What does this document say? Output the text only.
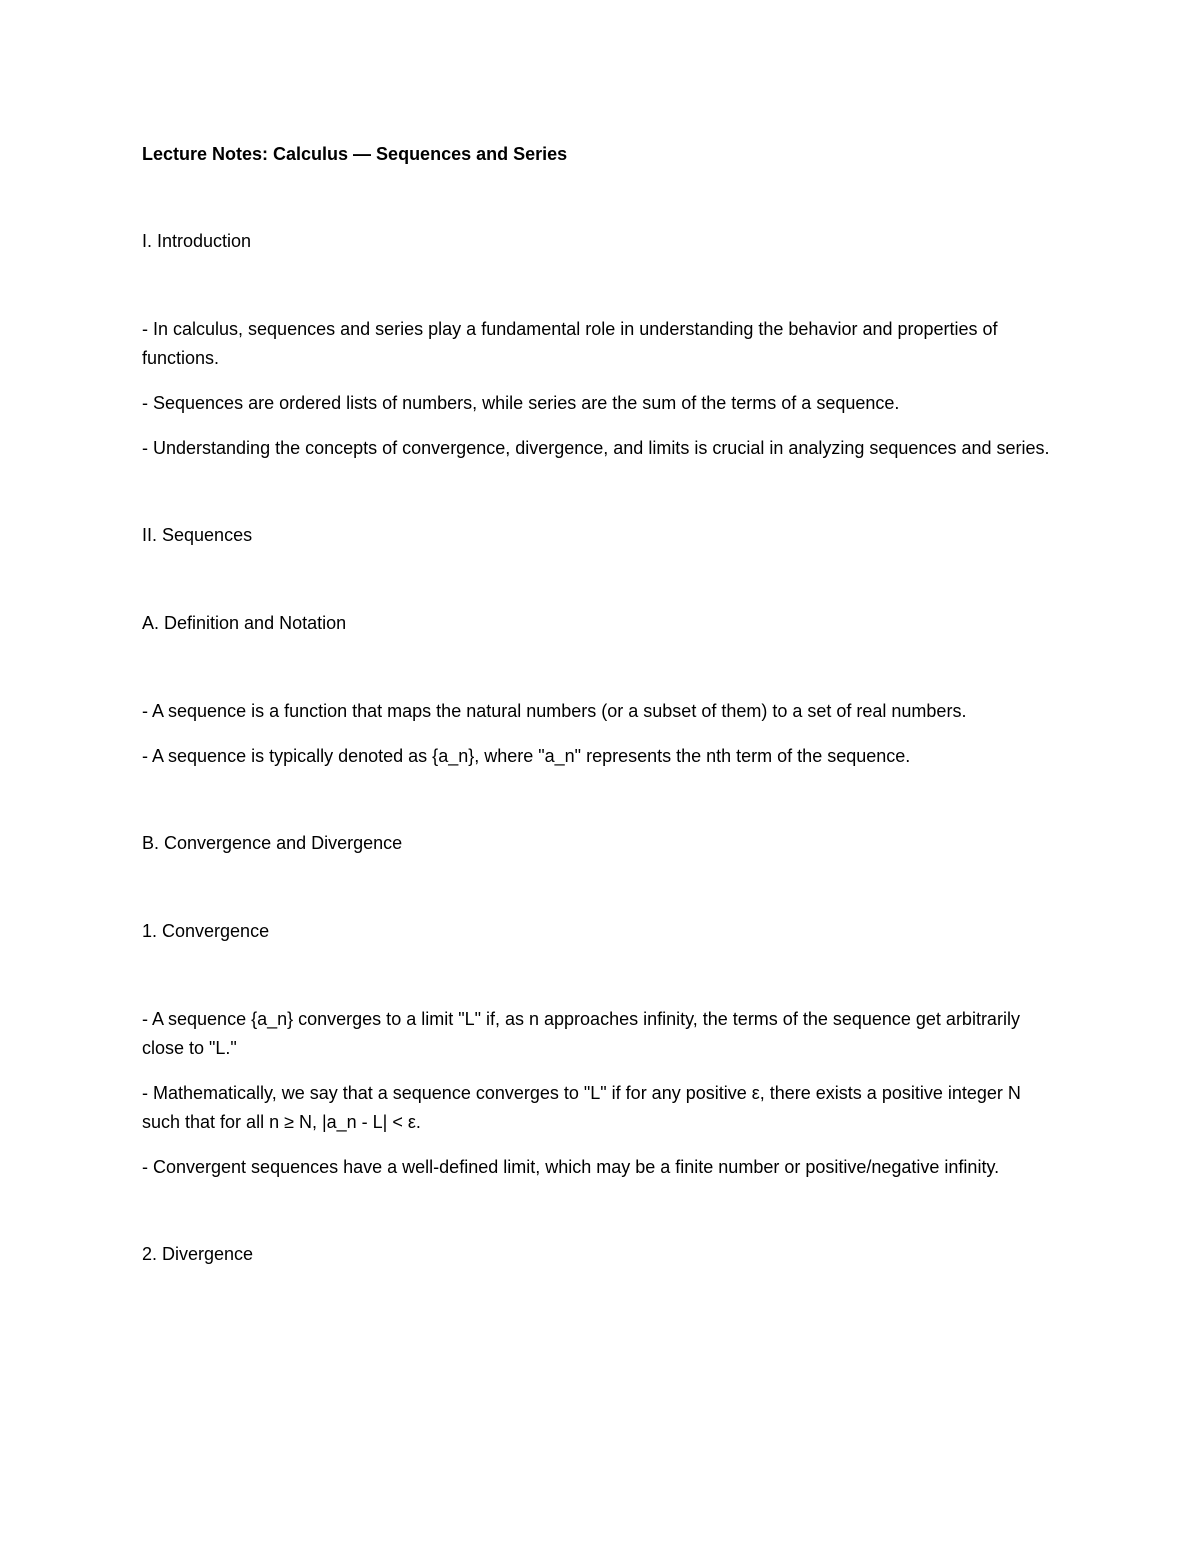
Lecture Notes: Calculus — Sequences and Series

I. Introduction

- In calculus, sequences and series play a fundamental role in understanding the behavior and properties of functions.

- Sequences are ordered lists of numbers, while series are the sum of the terms of a sequence.

- Understanding the concepts of convergence, divergence, and limits is crucial in analyzing sequences and series.

II. Sequences

A. Definition and Notation

- A sequence is a function that maps the natural numbers (or a subset of them) to a set of real numbers.

- A sequence is typically denoted as {a_n}, where "a_n" represents the nth term of the sequence.

B. Convergence and Divergence

1. Convergence

- A sequence {a_n} converges to a limit "L" if, as n approaches infinity, the terms of the sequence get arbitrarily close to "L."

- Mathematically, we say that a sequence converges to "L" if for any positive ε, there exists a positive integer N such that for all n ≥ N, |a_n - L| < ε.

- Convergent sequences have a well-defined limit, which may be a finite number or positive/negative infinity.

2. Divergence
